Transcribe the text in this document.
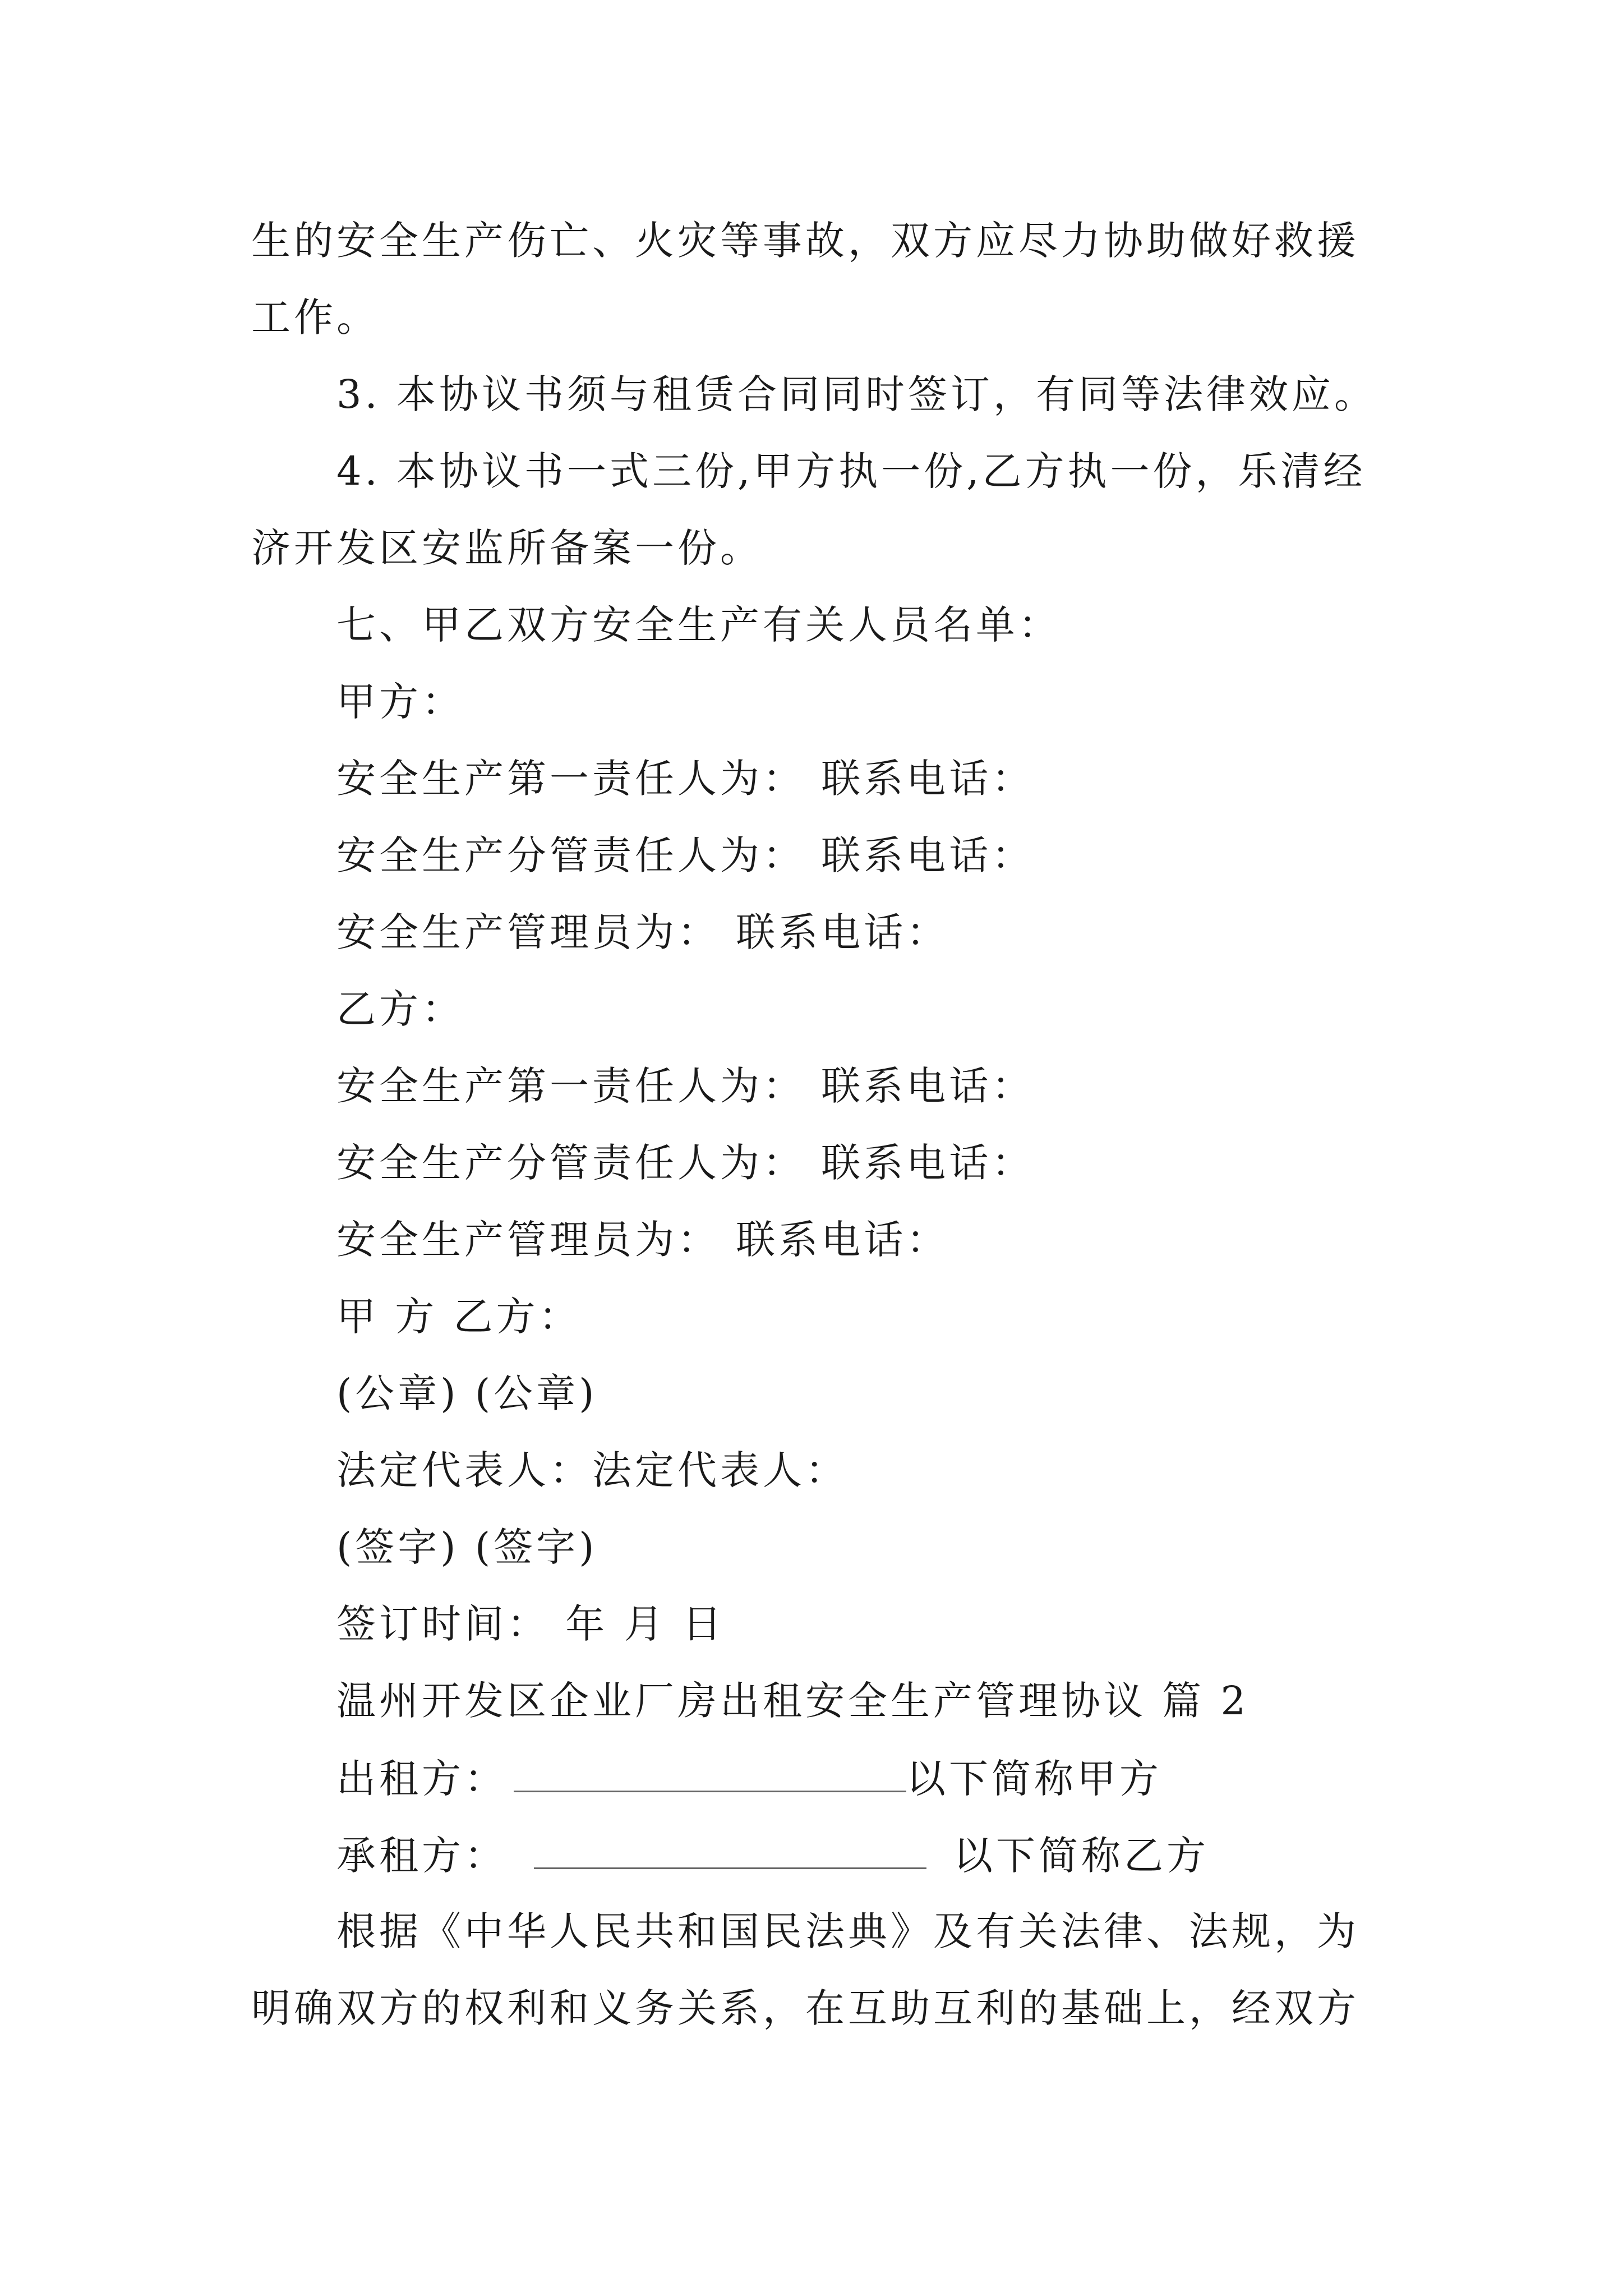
生的安全生产伤亡、火灾等事故，双方应尽力协助做好救援
工作。
3. 本协议书须与租赁合同同时签订，有同等法律效应。
4. 本协议书一式三份,甲方执一份,乙方执一份，乐清经
济开发区安监所备案一份。
七、甲乙双方安全生产有关人员名单：
甲方：
安全生产第一责任人为： 联系电话：
安全生产分管责任人为： 联系电话：
安全生产管理员为： 联系电话：
乙方：
安全生产第一责任人为： 联系电话：
安全生产分管责任人为： 联系电话：
安全生产管理员为： 联系电话：
甲 方 乙方：
(公章) (公章)
法定代表人：法定代表人：
(签字) (签字)
签订时间： 年 月 日
温州开发区企业厂房出租安全生产管理协议 篇 2
出租方：	以下简称甲方
承租方：	以下简称乙方
根据《中华人民共和国民法典》及有关法律、法规，为
明确双方的权利和义务关系，在互助互利的基础上，经双方
